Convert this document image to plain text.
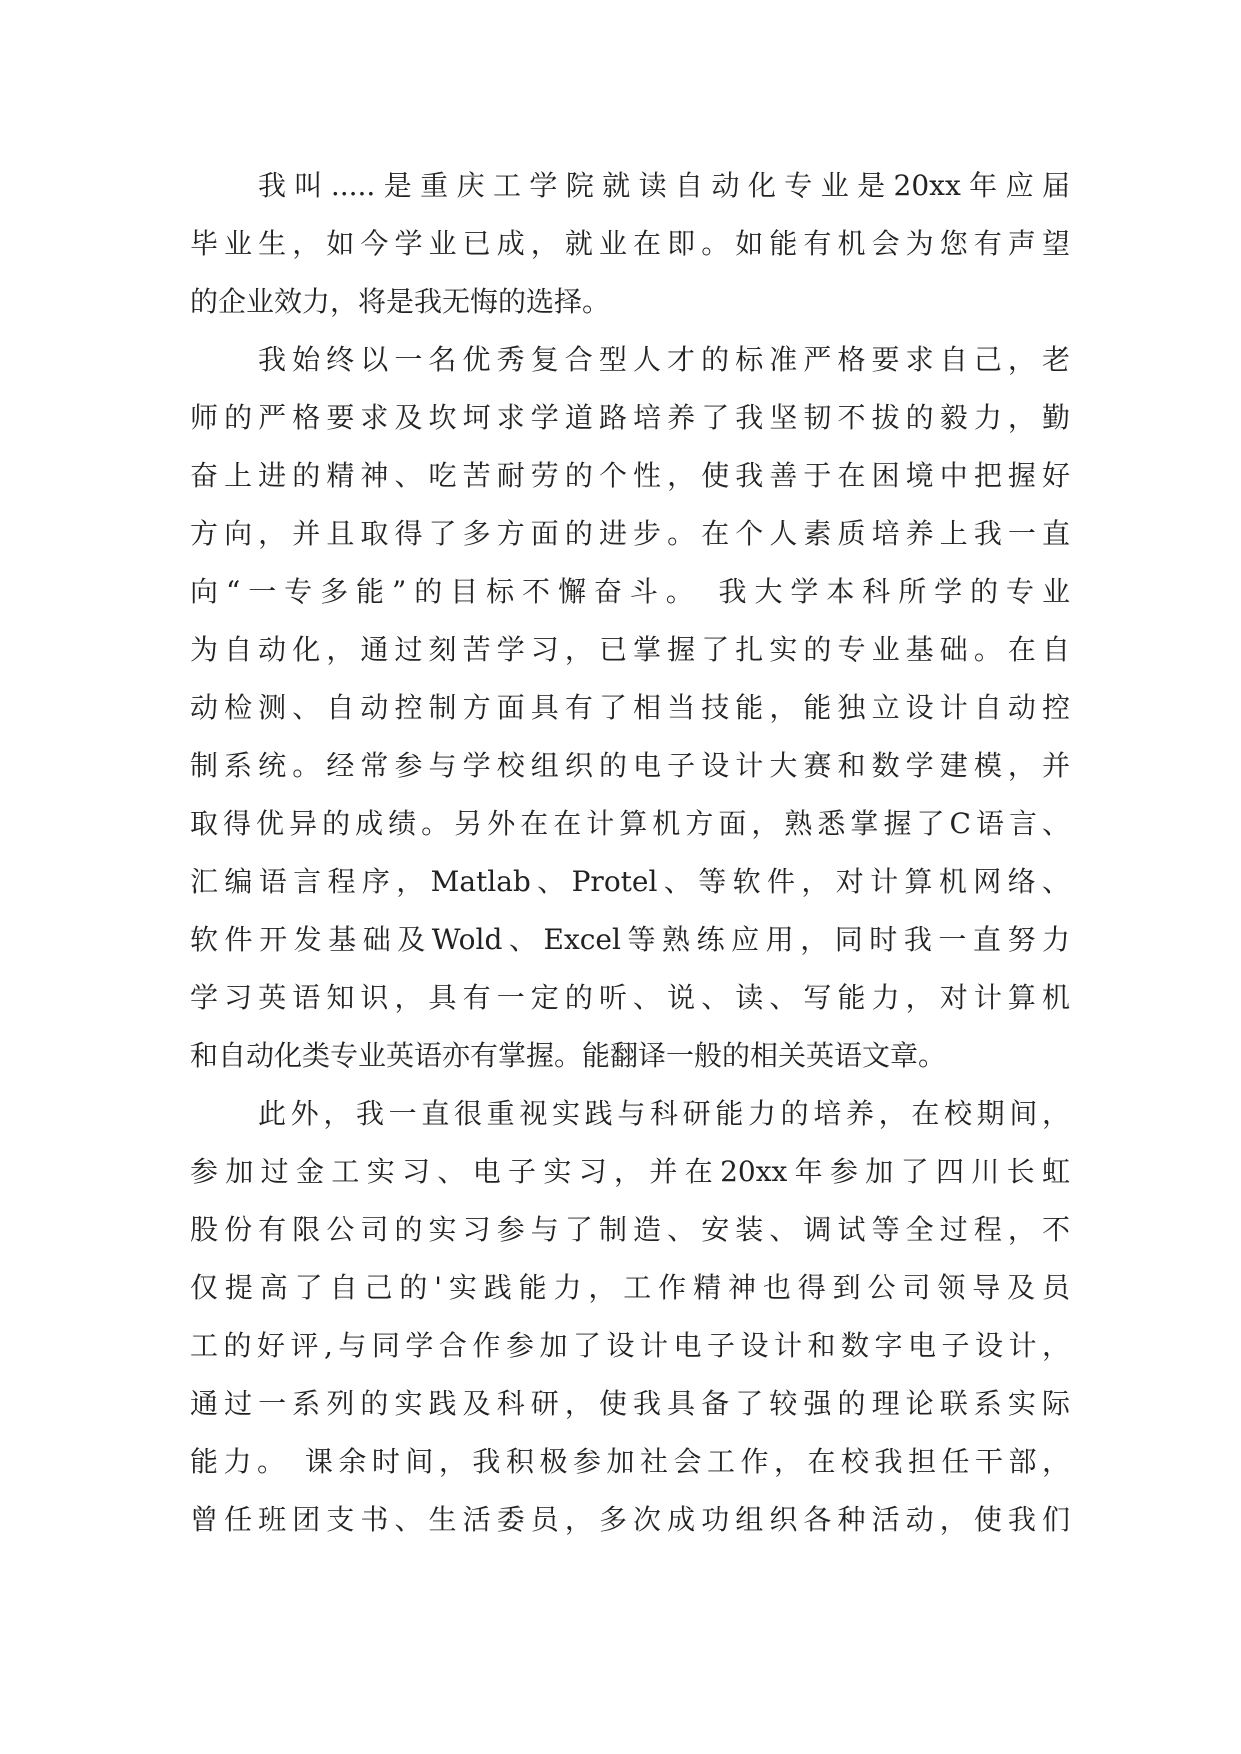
我叫.....是重庆工学院就读自动化专业是20xx年应届
毕业生，如今学业已成，就业在即。如能有机会为您有声望
的企业效力，将是我无悔的选择。
我始终以一名优秀复合型人才的标准严格要求自己，老
师的严格要求及坎坷求学道路培养了我坚韧不拔的毅力，勤
奋上进的精神、吃苦耐劳的个性，使我善于在困境中把握好
方向，并且取得了多方面的进步。在个人素质培养上我一直
向“一专多能”的目标不懈奋斗。 我大学本科所学的专业
为自动化，通过刻苦学习，已掌握了扎实的专业基础。在自
动检测、自动控制方面具有了相当技能，能独立设计自动控
制系统。经常参与学校组织的电子设计大赛和数学建模，并
取得优异的成绩。另外在在计算机方面，熟悉掌握了C语言、
汇编语言程序，Matlab、Protel、等软件，对计算机网络、
软件开发基础及Wold、Excel等熟练应用，同时我一直努力
学习英语知识，具有一定的听、说、读、写能力，对计算机
和自动化类专业英语亦有掌握。能翻译一般的相关英语文章。
此外，我一直很重视实践与科研能力的培养，在校期间，
参加过金工实习、电子实习，并在20xx年参加了四川长虹
股份有限公司的实习参与了制造、安装、调试等全过程，不
仅提高了自己的'实践能力，工作精神也得到公司领导及员
工的好评,与同学合作参加了设计电子设计和数字电子设计，
通过一系列的实践及科研，使我具备了较强的理论联系实际
能力。 课余时间，我积极参加社会工作，在校我担任干部，
曾任班团支书、生活委员，多次成功组织各种活动，使我们
